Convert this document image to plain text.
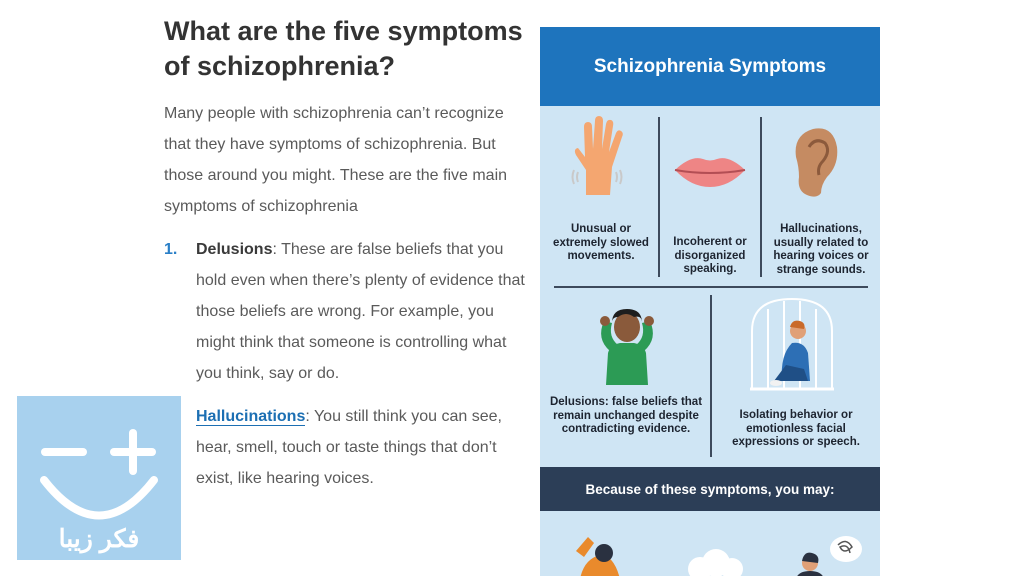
What are the five symptoms of schizophrenia?

Many people with schizophrenia can’t recognize that they have symptoms of schizophrenia. But those around you might. These are the five main symptoms of schizophrenia

1. Delusions: These are false beliefs that you hold even when there’s plenty of evidence that those beliefs are wrong. For example, you might think that someone is controlling what you think, say or do.
Hallucinations: You still think you can see, hear, smell, touch or taste things that don’t exist, like hearing voices.
فکر زیبا
Schizophrenia Symptoms
Unusual or extremely slowed movements.
Incoherent or disorganized speaking.
Hallucinations, usually related to hearing voices or strange sounds.
Delusions: false beliefs that remain unchanged despite contradicting evidence.
Isolating behavior or emotionless facial expressions or speech.
Because of these symptoms, you may:
